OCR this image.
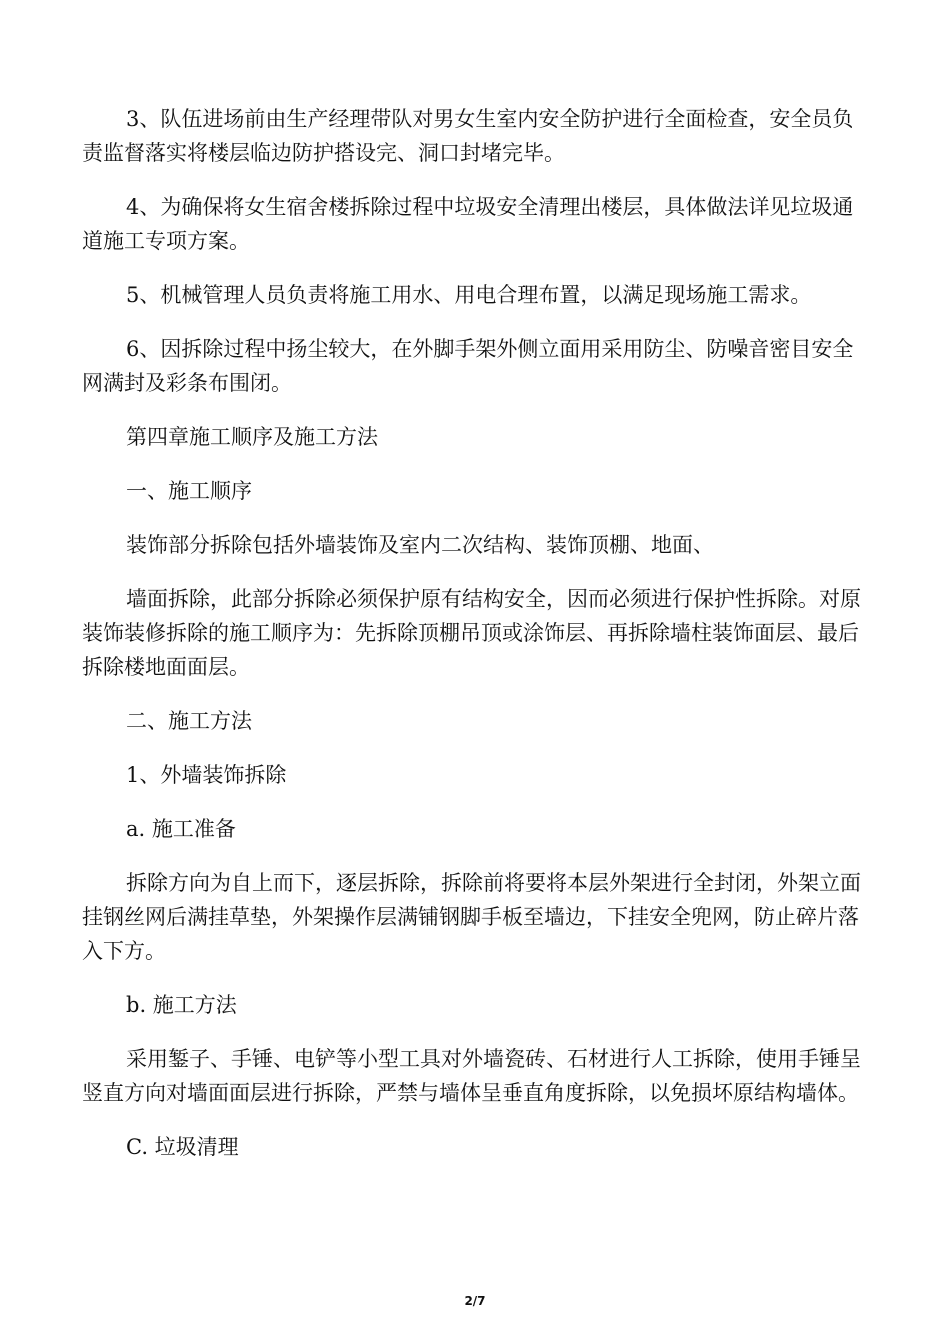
3、队伍进场前由生产经理带队对男女生室内安全防护进行全面检查，安全员负责监督落实将楼层临边防护搭设完、洞口封堵完毕。

4、为确保将女生宿舍楼拆除过程中垃圾安全清理出楼层，具体做法详见垃圾通道施工专项方案。

5、机械管理人员负责将施工用水、用电合理布置，以满足现场施工需求。

6、因拆除过程中扬尘较大，在外脚手架外侧立面用采用防尘、防噪音密目安全网满封及彩条布围闭。

第四章施工顺序及施工方法

一、施工顺序

装饰部分拆除包括外墙装饰及室内二次结构、装饰顶棚、地面、

墙面拆除，此部分拆除必须保护原有结构安全，因而必须进行保护性拆除。对原装饰装修拆除的施工顺序为：先拆除顶棚吊顶或涂饰层、再拆除墙柱装饰面层、最后拆除楼地面面层。

二、施工方法

1、外墙装饰拆除

a. 施工准备

拆除方向为自上而下，逐层拆除，拆除前将要将本层外架进行全封闭，外架立面挂钢丝网后满挂草垫，外架操作层满铺钢脚手板至墙边，下挂安全兜网，防止碎片落入下方。

b. 施工方法

采用錾子、手锤、电铲等小型工具对外墙瓷砖、石材进行人工拆除，使用手锤呈竖直方向对墙面面层进行拆除，严禁与墙体呈垂直角度拆除，以免损坏原结构墙体。

C. 垃圾清理

2/7
